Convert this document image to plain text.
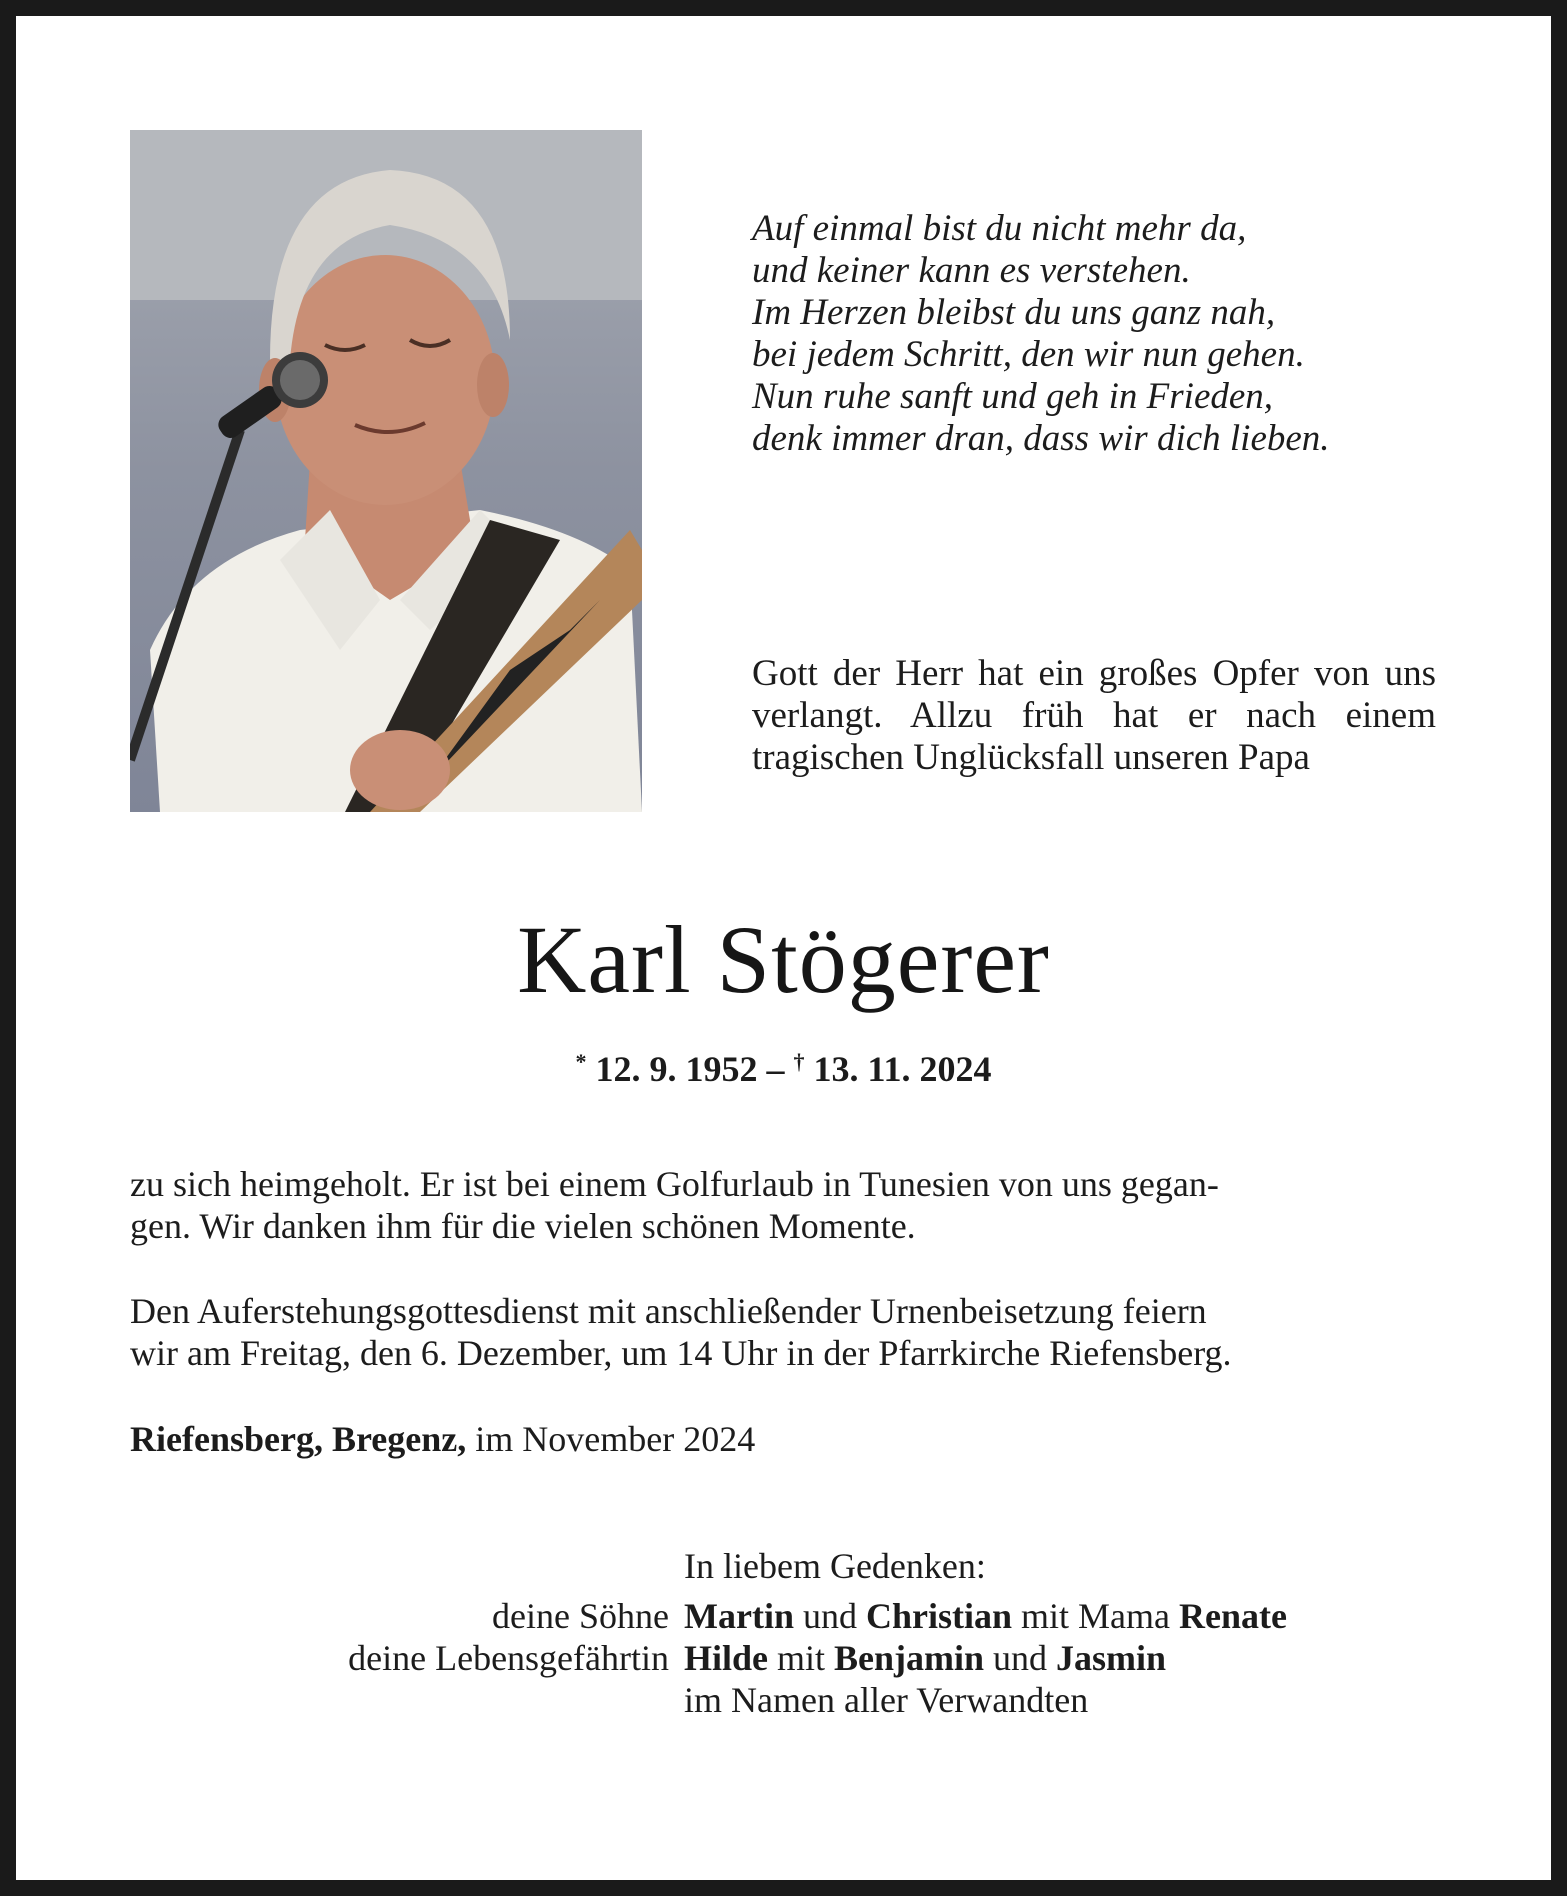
Auf einmal bist du nicht mehr da,
und keiner kann es verstehen.
Im Herzen bleibst du uns ganz nah,
bei jedem Schritt, den wir nun gehen.
Nun ruhe sanft und geh in Frieden,
denk immer dran, dass wir dich lieben.
Gott der Herr hat ein großes Opfer von uns verlangt. Allzu früh hat er nach einem tragischen Unglücksfall unseren Papa
Karl Stögerer
* 12. 9. 1952 – † 13. 11. 2024
zu sich heimgeholt. Er ist bei einem Golfurlaub in Tunesien von uns gegan-
gen. Wir danken ihm für die vielen schönen Momente.
Den Auferstehungsgottesdienst mit anschließender Urnenbeisetzung feiern
wir am Freitag, den 6. Dezember, um 14 Uhr in der Pfarrkirche Riefensberg.
Riefensberg, Bregenz, im November 2024
In liebem Gedenken:
deine Söhne Martin und Christian mit Mama Renate
deine Lebensgefährtin Hilde mit Benjamin und Jasmin
im Namen aller Verwandten
